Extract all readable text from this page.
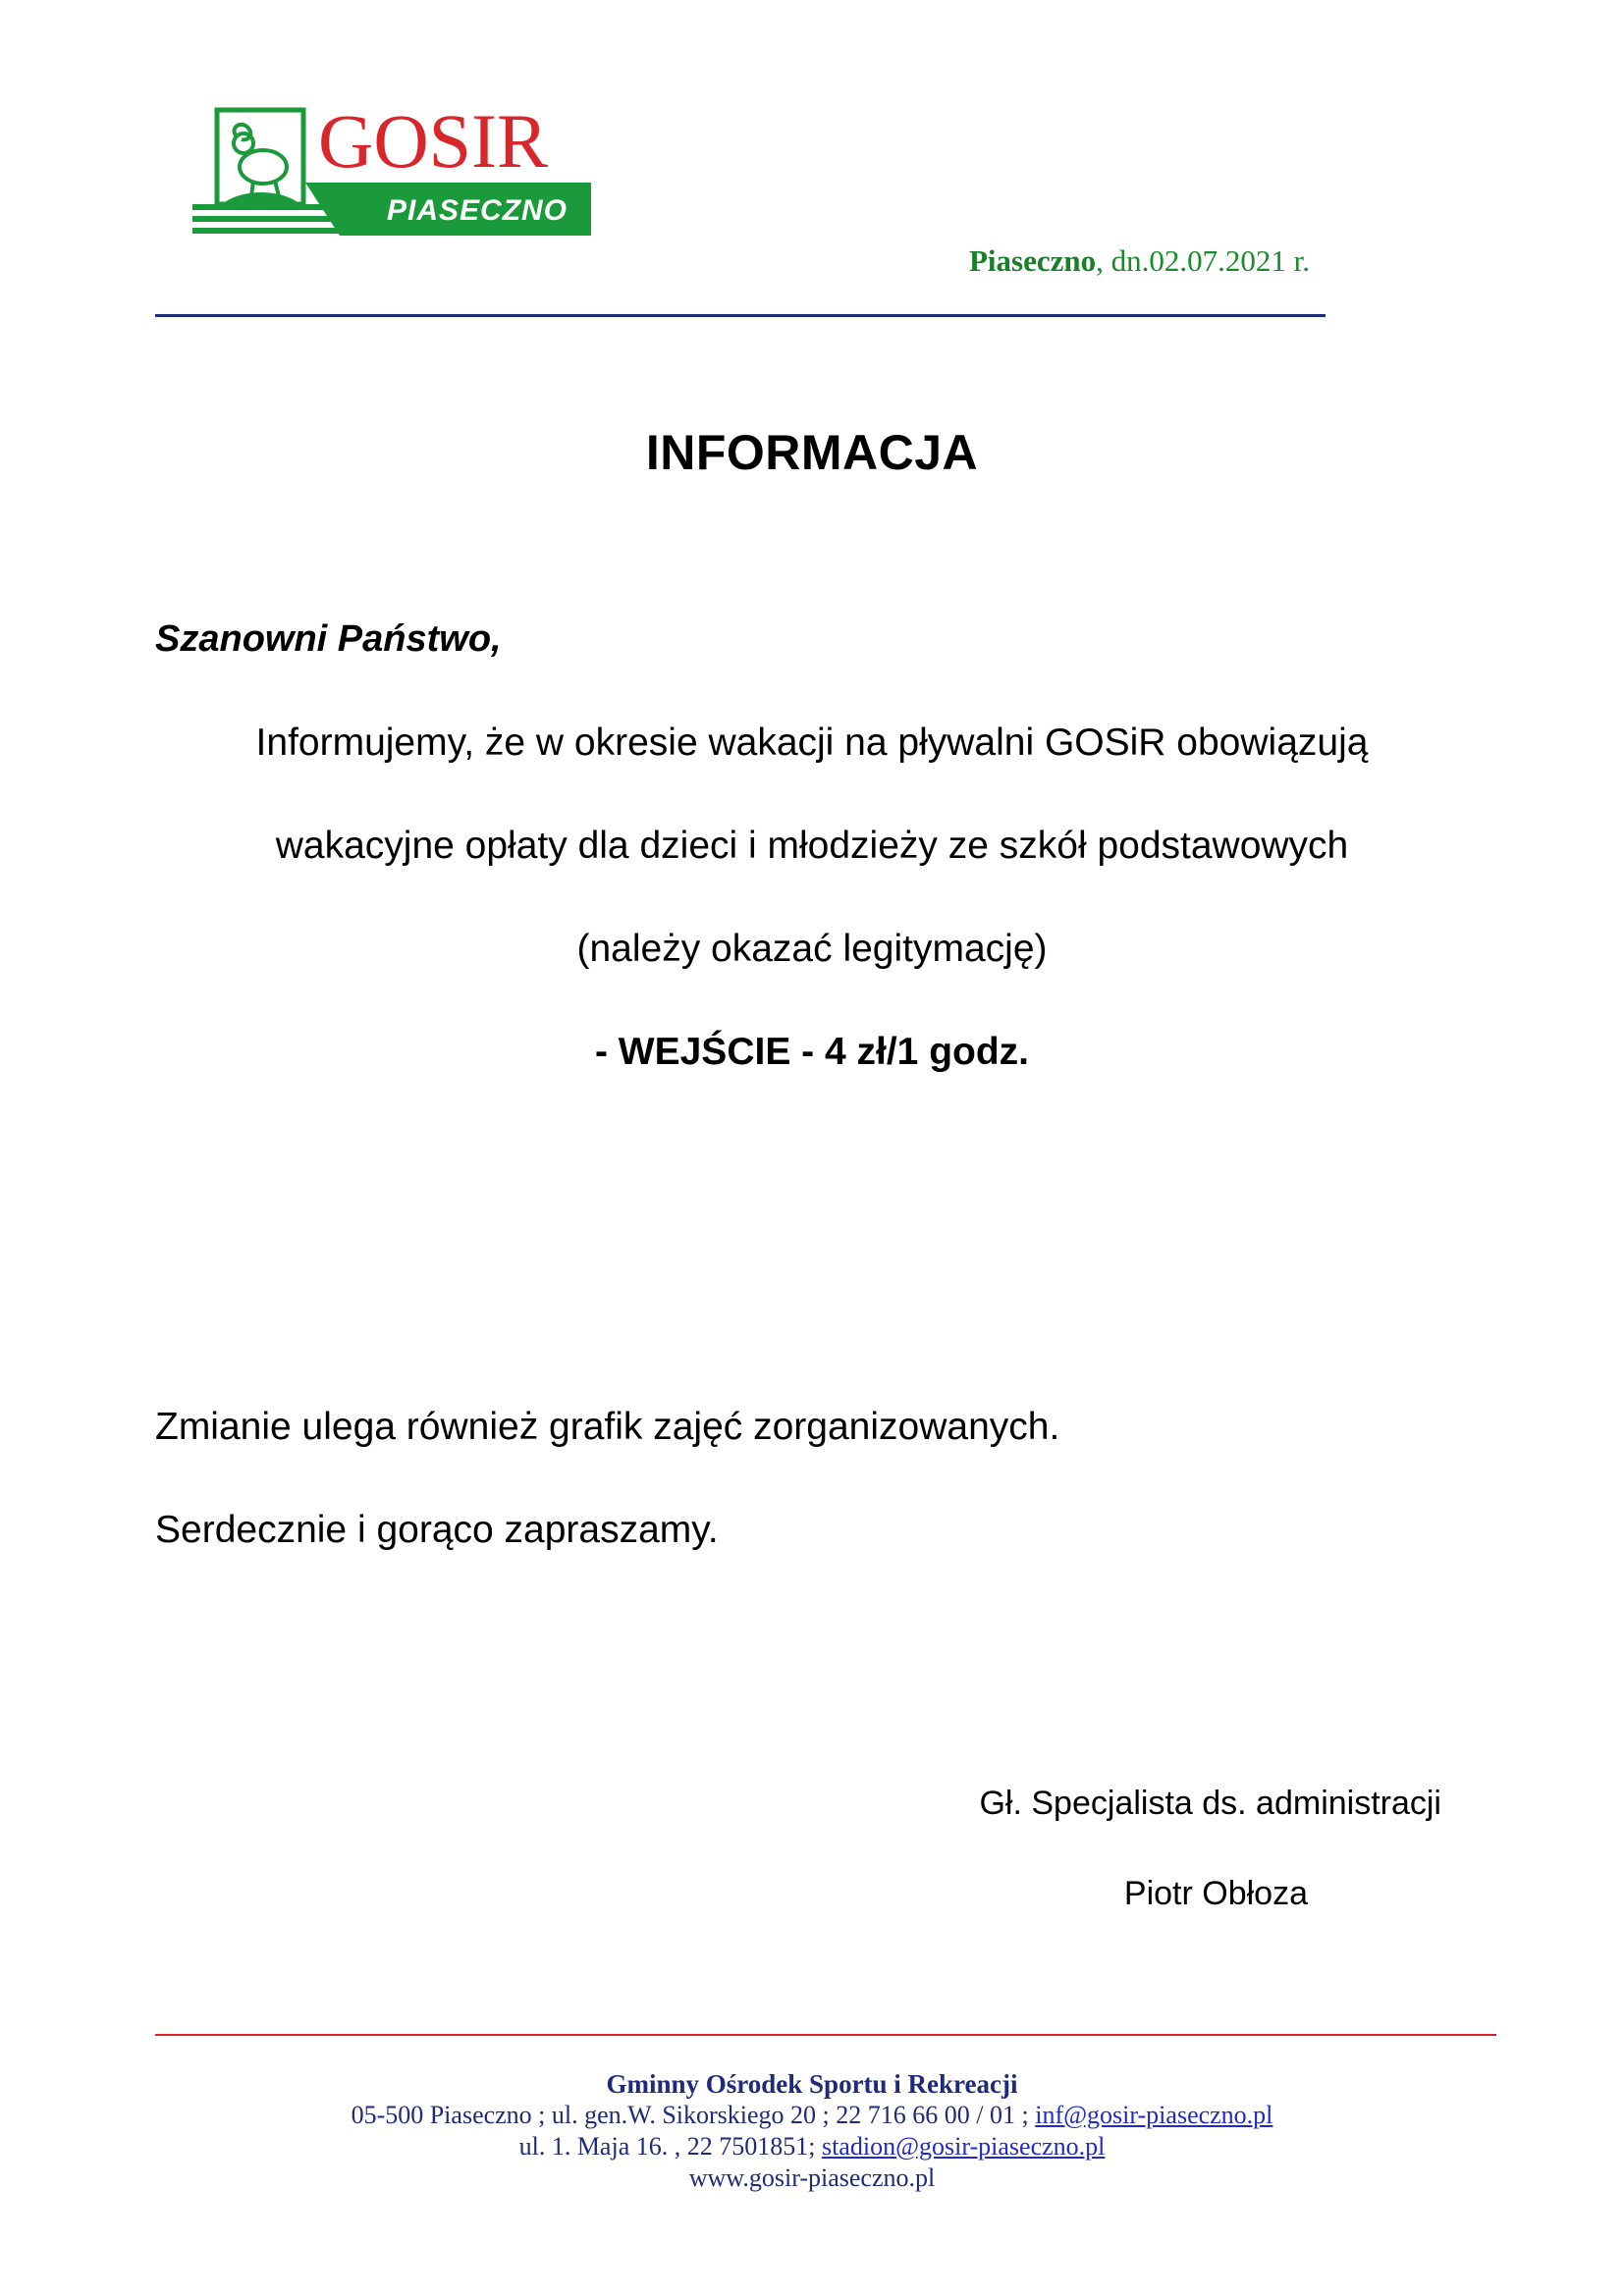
GOSIR
PIASECZNO
Piaseczno, dn.02.07.2021 r.
INFORMACJA
Szanowni Państwo,
Informujemy, że w okresie wakacji na pływalni GOSiR obowiązują
wakacyjne opłaty dla dzieci i młodzieży ze szkół podstawowych
(należy okazać legitymację)
- WEJŚCIE - 4 zł/1 godz.
Zmianie ulega również grafik zajęć zorganizowanych.
Serdecznie i gorąco zapraszamy.
Gł. Specjalista ds. administracji
Piotr Obłoza
Gminny Ośrodek Sportu i Rekreacji
05-500 Piaseczno ; ul. gen.W. Sikorskiego 20 ; 22 716 66 00 / 01 ; inf@gosir-piaseczno.pl
ul. 1. Maja 16. , 22 7501851; stadion@gosir-piaseczno.pl
www.gosir-piaseczno.pl
